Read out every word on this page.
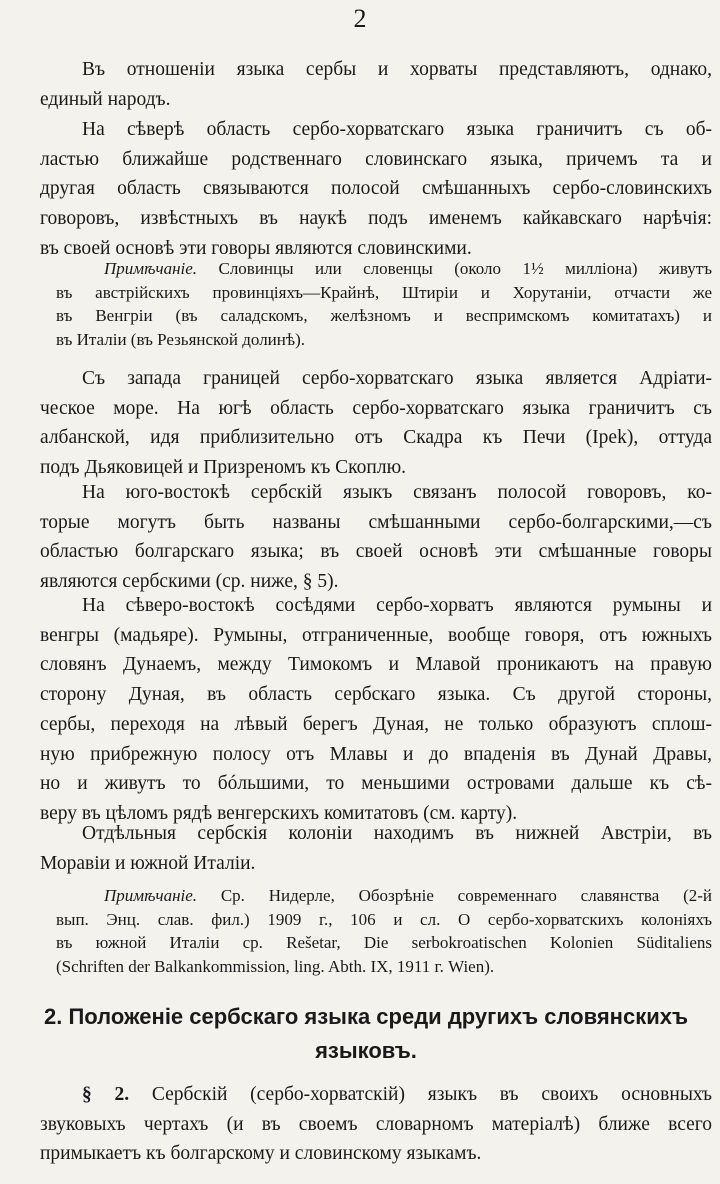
2
Въ отношеніи языка сербы и хорваты представляютъ, однако,
единый народъ.
На сѣверѣ область сербо-хорватскаго языка граничитъ съ об-
ластью ближайше родственнаго словинскаго языка, причемъ та и
другая область связываются полосой смѣшанныхъ сербо-словинскихъ
говоровъ, извѣстныхъ въ наукѣ подъ именемъ кайкавскаго нарѣчія:
въ своей основѣ эти говоры являются словинскими.
Примѣчаніе. Словинцы или словенцы (около 1½ милліона) живутъ
въ австрійскихъ провинціяхъ—Крайнѣ, Штиріи и Хорутаніи, отчасти же
въ Венгріи (въ саладскомъ, желѣзномъ и веспримскомъ комитатахъ) и
въ Италіи (въ Резьянской долинѣ).
Съ запада границей сербо-хорватскаго языка является Адріати-
ческое море. На югѣ область сербо-хорватскаго языка граничитъ съ
албанской, идя приблизительно отъ Скадра къ Печи (Ipek), оттуда
подъ Дьяковицей и Призреномъ къ Скоплю.
На юго-востокѣ сербскій языкъ связанъ полосой говоровъ, ко-
торые могутъ быть названы смѣшанными сербо-болгарскими,—съ
областью болгарскаго языка; въ своей основѣ эти смѣшанные говоры
являются сербскими (ср. ниже, § 5).
На сѣверо-востокѣ сосѣдями сербо-хорватъ являются румыны и
венгры (мадьяре). Румыны, отграниченные, вообще говоря, отъ южныхъ
словянъ Дунаемъ, между Тимокомъ и Млавой проникаютъ на правую
сторону Дуная, въ область сербскаго языка. Съ другой стороны,
сербы, переходя на лѣвый берегъ Дуная, не только образуютъ сплош-
ную прибрежную полосу отъ Млавы и до впаденія въ Дунай Дравы,
но и живутъ то бóльшими, то меньшими островами дальше къ сѣ-
веру въ цѣломъ рядѣ венгерскихъ комитатовъ (см. карту).
Отдѣльныя сербскія колоніи находимъ въ нижней Австріи, въ
Моравіи и южной Италіи.
Примѣчаніе. Ср. Нидерле, Обозрѣніе современнаго славянства (2-й
вып. Энц. слав. фил.) 1909 г., 106 и сл. О сербо-хорватскихъ колоніяхъ
въ южной Италіи ср. Rešetar, Die serbokroatischen Kolonien Süditaliens
(Schriften der Balkankommission, ling. Abth. IX, 1911 г. Wien).
2. Положеніе сербскаго языка среди другихъ словянскихъ
языковъ.
§ 2. Сербскій (сербо-хорватскій) языкъ въ своихъ основныхъ
звуковыхъ чертахъ (и въ своемъ словарномъ матеріалѣ) ближе всего
примыкаетъ къ болгарскому и словинскому языкамъ.
